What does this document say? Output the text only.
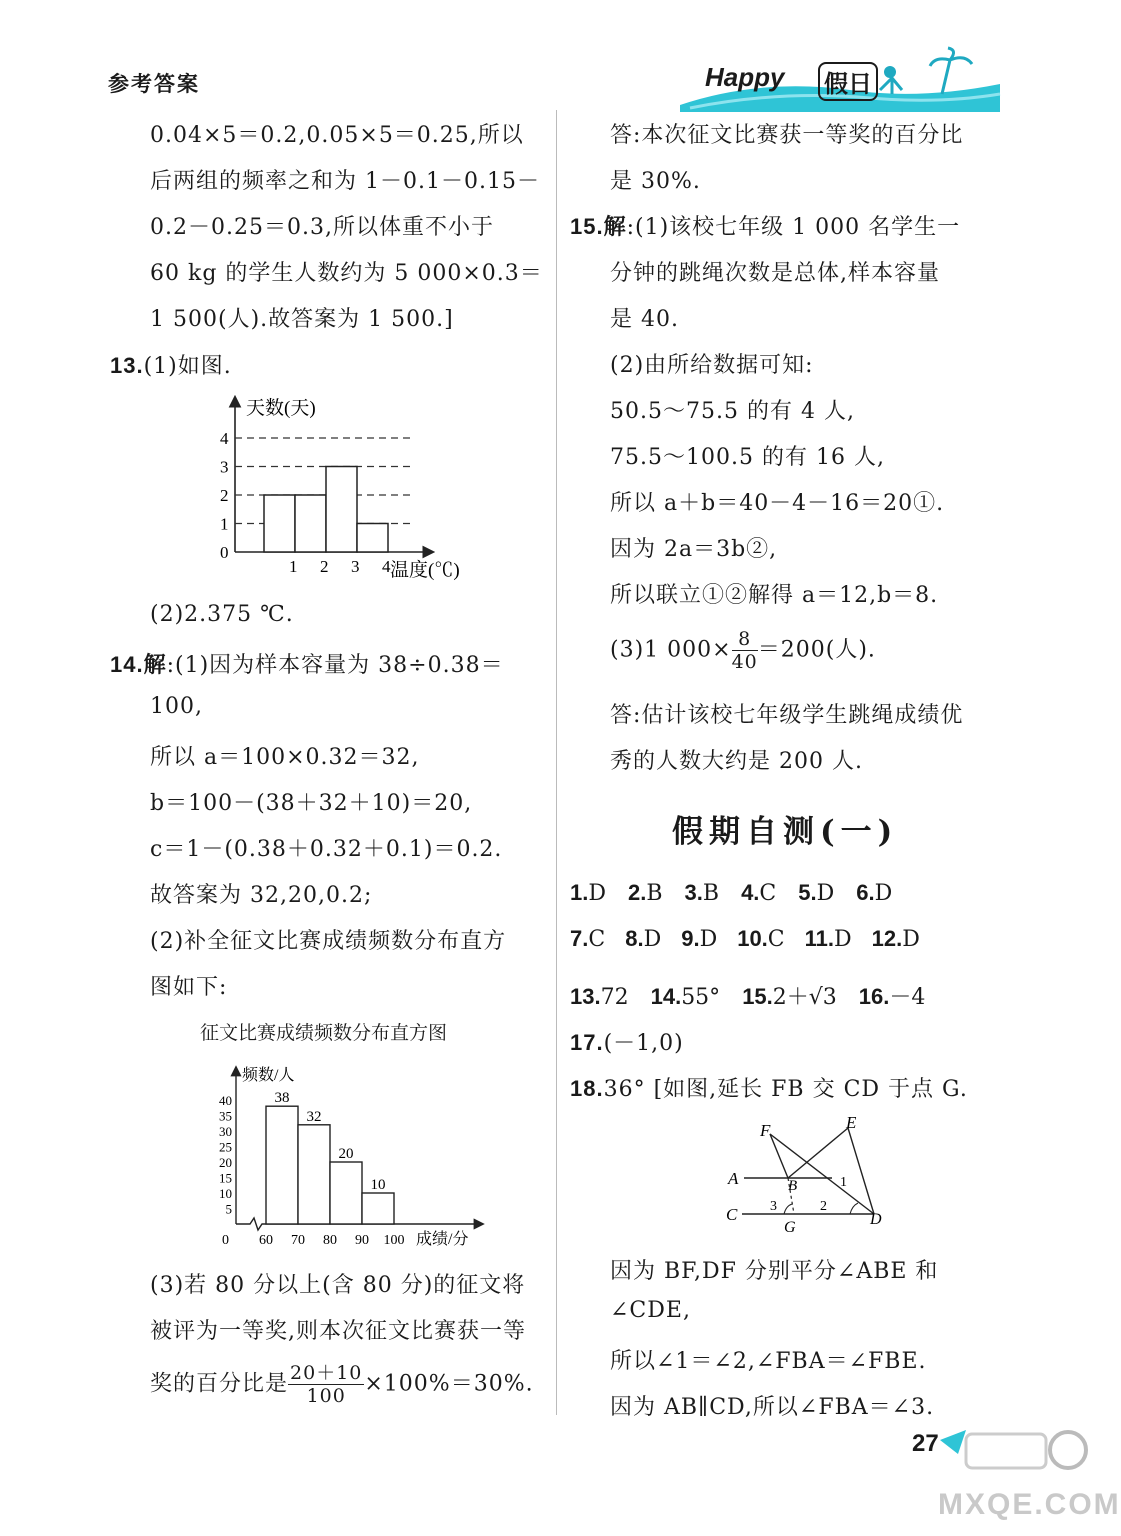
参考答案	Happy 假日
0.04×5＝0.2,0.05×5＝0.25,所以
后两组的频率之和为 1－0.1－0.15－
0.2－0.25＝0.3,所以体重不小于
60 kg 的学生人数约为 5 000×0.3＝
1 500(人).故答案为 1 500.]
13.(1)如图.
0
1
2
3
4
1 2 3 4
天数(天)
温度(℃)
(2)2.375 ℃.
14.解:(1)因为样本容量为 38÷0.38＝
100,
所以 a＝100×0.32＝32,
b＝100－(38＋32＋10)＝20,
c＝1－(0.38＋0.32＋0.1)＝0.2.
故答案为 32,20,0.2;
(2)补全征文比赛成绩频数分布直方
图如下:
征文比赛成绩频数分布直方图
38
32
20
10
0
5
10
15
20
25
30
35
40
60 70 80 90 100
频数/人
成绩/分
(3)若 80 分以上(含 80 分)的征文将
被评为一等奖,则本次征文比赛获一等
奖的百分比是 $\frac{20+10}{100} \times 100\%=30\%$.
答:本次征文比赛获一等奖的百分比
是 30%.
15.解:(1)该校七年级 1 000 名学生一
分钟的跳绳次数是总体,样本容量
是 40.
(2)由所给数据可知:
50.5～75.5 的有 4 人,
75.5～100.5 的有 16 人,
所以 a＋b＝40－4－16＝20①.
因为 2a＝3b②,
所以联立①②解得 a＝12,b＝8.
(3)1 $000\times \frac{8}{40} =200$(人).
答:估计该校七年级学生跳绳成绩优
秀的人数大约是 200 人.
假期自测(一)
1.D 2.B 3.B 4.C 5.D 6.D
7.C 8.D 9.D 10.C 11.D 12.D
13.72 14.55° 15.2＋√3 16.－4
17.(－1,0)
18.36° [如图,延长 FB 交 CD 于点 G.
F	E
A	B	1
C 3	2
G	D
因为 BF,DF 分别平分∠ABE 和
∠CDE,
所以∠1＝∠2,∠FBA＝∠FBE.
因为 AB∥CD,所以∠FBA＝∠3.
27
MXQE.COM
